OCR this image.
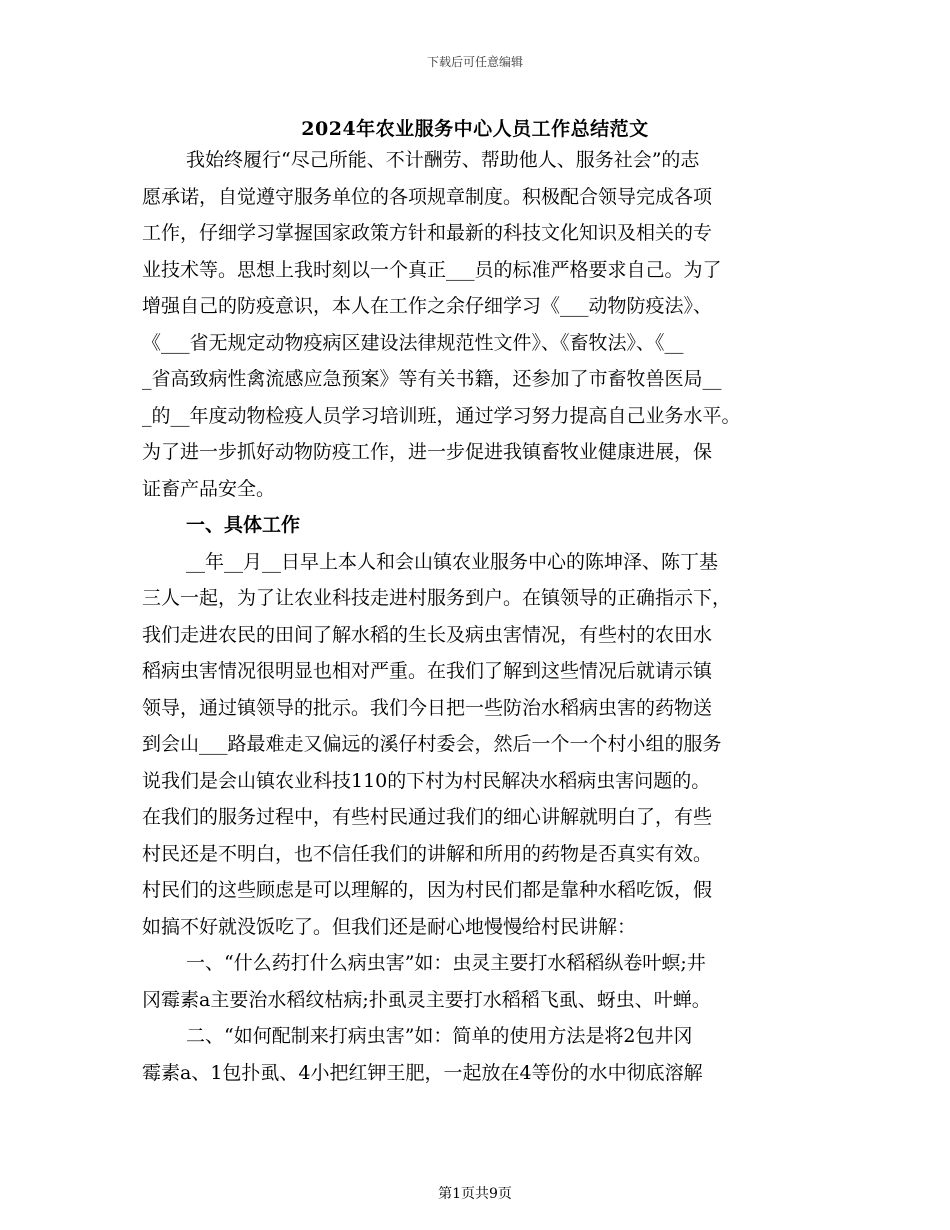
下载后可任意编辑
2024年农业服务中心人员工作总结范文
我始终履行“尽己所能、不计酬劳、帮助他人、服务社会”的志
愿承诺，自觉遵守服务单位的各项规章制度。积极配合领导完成各项
工作，仔细学习掌握国家政策方针和最新的科技文化知识及相关的专
业技术等。思想上我时刻以一个真正___员的标准严格要求自己。为了
增强自己的防疫意识，本人在工作之余仔细学习《___动物防疫法》、
《___省无规定动物疫病区建设法律规范性文件》、《畜牧法》、《__
_省高致病性禽流感应急预案》等有关书籍，还参加了市畜牧兽医局__
_的__年度动物检疫人员学习培训班，通过学习努力提高自己业务水平。
为了进一步抓好动物防疫工作，进一步促进我镇畜牧业健康进展，保
证畜产品安全。
一、具体工作
__年__月__日早上本人和会山镇农业服务中心的陈坤泽、陈丁基
三人一起，为了让农业科技走进村服务到户。在镇领导的正确指示下，
我们走进农民的田间了解水稻的生长及病虫害情况，有些村的农田水
稻病虫害情况很明显也相对严重。在我们了解到这些情况后就请示镇
领导，通过镇领导的批示。我们今日把一些防治水稻病虫害的药物送
到会山___路最难走又偏远的溪仔村委会，然后一个一个村小组的服务
说我们是会山镇农业科技110的下村为村民解决水稻病虫害问题的。
在我们的服务过程中，有些村民通过我们的细心讲解就明白了，有些
村民还是不明白，也不信任我们的讲解和所用的药物是否真实有效。
村民们的这些顾虑是可以理解的，因为村民们都是靠种水稻吃饭，假
如搞不好就没饭吃了。但我们还是耐心地慢慢给村民讲解：
一、“什么药打什么病虫害”如：虫灵主要打水稻稻纵卷叶螟;井
冈霉素a主要治水稻纹枯病;扑虱灵主要打水稻稻飞虱、蚜虫、叶蝉。
二、“如何配制来打病虫害”如：简单的使用方法是将2包井冈
霉素a、1包扑虱、4小把红钾王肥，一起放在4等份的水中彻底溶解
第1页共9页
